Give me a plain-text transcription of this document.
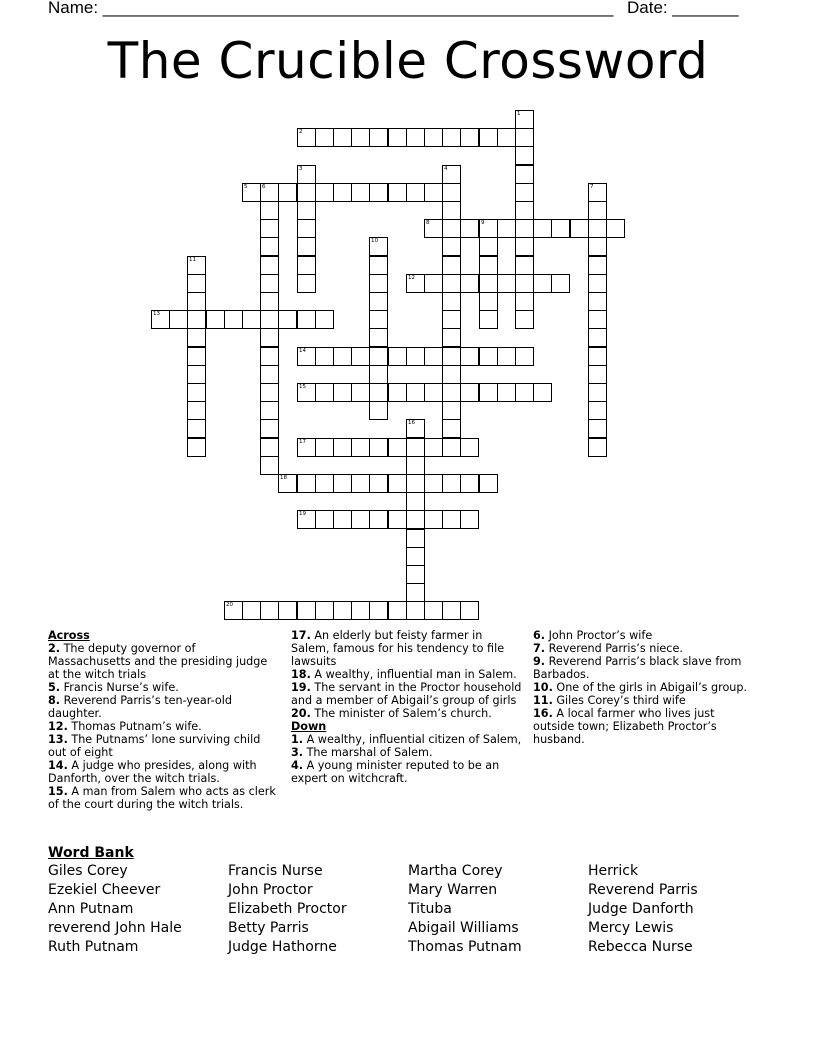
Name: ______________________________________________________ Date: _______
The Crucible Crossword
1
2
3	4
5	6	7
8	9
10
11
12
13
14
15
16
17
18
19
20
Across
2. The deputy governor of Massachusetts and the presiding judge at the witch trials
5. Francis Nurse’s wife.
8. Reverend Parris’s ten-year-old daughter.
12. Thomas Putnam’s wife.
13. The Putnams’ lone surviving child out of eight
14. A judge who presides, along with Danforth, over the witch trials.
15. A man from Salem who acts as clerk of the court during the witch trials.
17. An elderly but feisty farmer in Salem, famous for his tendency to file lawsuits
18. A wealthy, influential man in Salem.
19. The servant in the Proctor household and a member of Abigail’s group of girls
20. The minister of Salem’s church.
Down
1. A wealthy, influential citizen of Salem,
3. The marshal of Salem.
4. A young minister reputed to be an expert on witchcraft.
6. John Proctor’s wife
7. Reverend Parris’s niece.
9. Reverend Parris’s black slave from Barbados.
10. One of the girls in Abigail’s group.
11. Giles Corey’s third wife
16. A local farmer who lives just outside town; Elizabeth Proctor’s husband.
Word Bank
Giles Corey
Ezekiel Cheever
Ann Putnam
reverend John Hale
Ruth Putnam
Francis Nurse
John Proctor
Elizabeth Proctor
Betty Parris
Judge Hathorne
Martha Corey
Mary Warren
Tituba
Abigail Williams
Thomas Putnam
Herrick
Reverend Parris
Judge Danforth
Mercy Lewis
Rebecca Nurse
